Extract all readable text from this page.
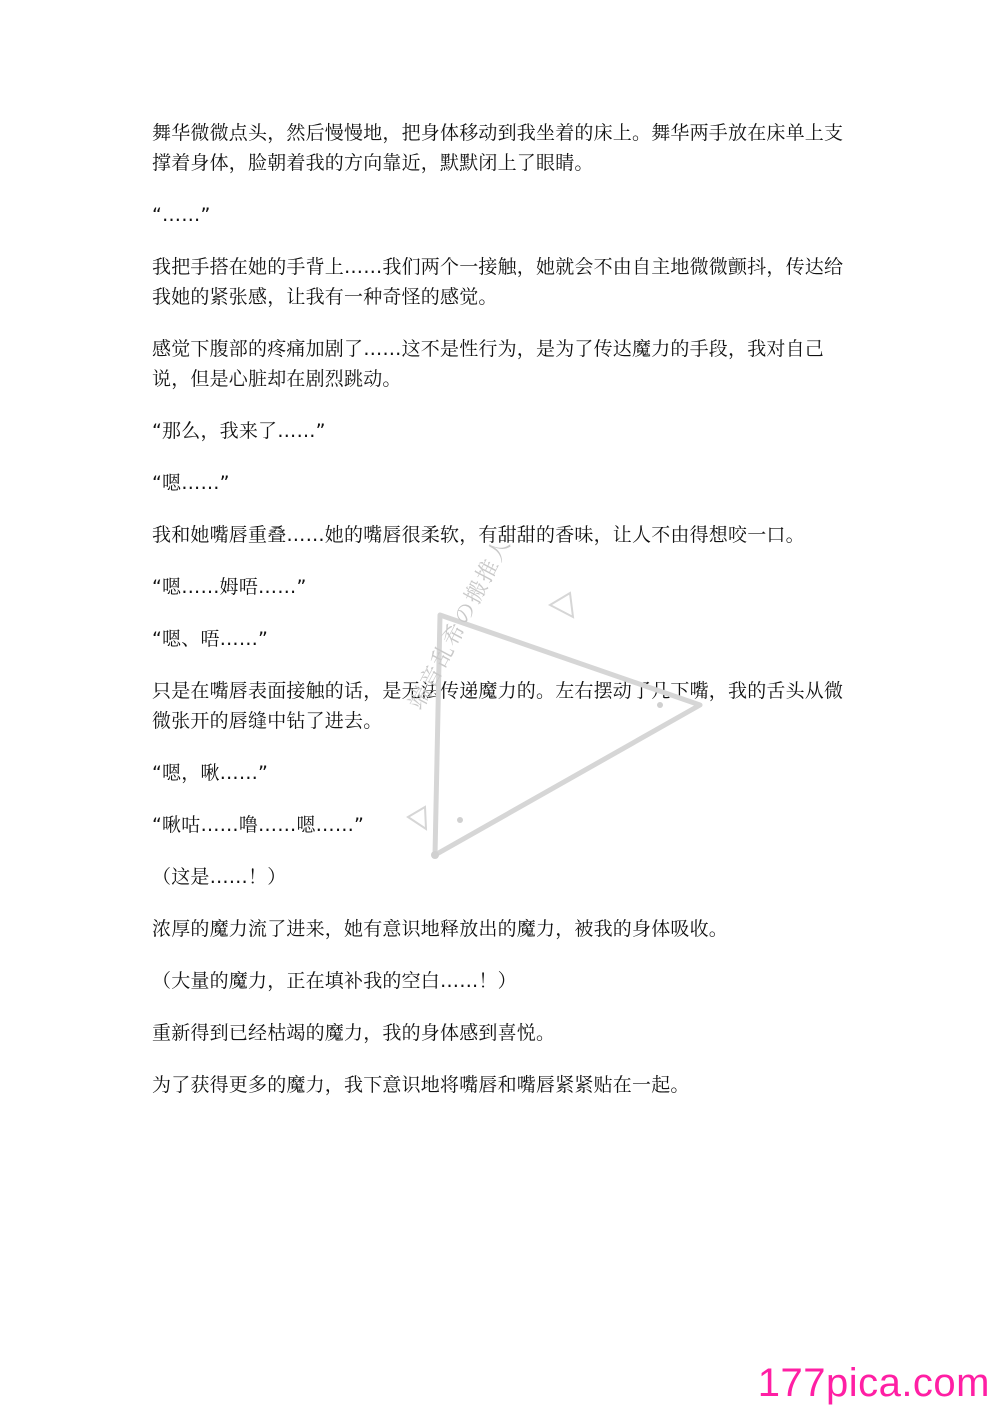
舞华微微点头，然后慢慢地，把身体移动到我坐着的床上。舞华两手放在床单上支撑着身体，脸朝着我的方向靠近，默默闭上了眼睛。

“……”

我把手搭在她的手背上……我们两个一接触，她就会不由自主地微微颤抖，传达给我她的紧张感，让我有一种奇怪的感觉。

感觉下腹部的疼痛加剧了……这不是性行为，是为了传达魔力的手段，我对自己说，但是心脏却在剧烈跳动。

“那么，我来了……”

“嗯……”

我和她嘴唇重叠……她的嘴唇很柔软，有甜甜的香味，让人不由得想咬一口。

“嗯……姆唔……”

“嗯、唔……”

只是在嘴唇表面接触的话，是无法传递魔力的。左右摆动了几下嘴，我的舌头从微微张开的唇缝中钻了进去。

“嗯，啾……”

“啾咕……噜……嗯……”

（这是……！）

浓厚的魔力流了进来，她有意识地释放出的魔力，被我的身体吸收。

（大量的魔力，正在填补我的空白……！）

重新得到已经枯竭的魔力，我的身体感到喜悦。

为了获得更多的魔力，我下意识地将嘴唇和嘴唇紧紧贴在一起。

端音乱希の搬推人
177pica.com
